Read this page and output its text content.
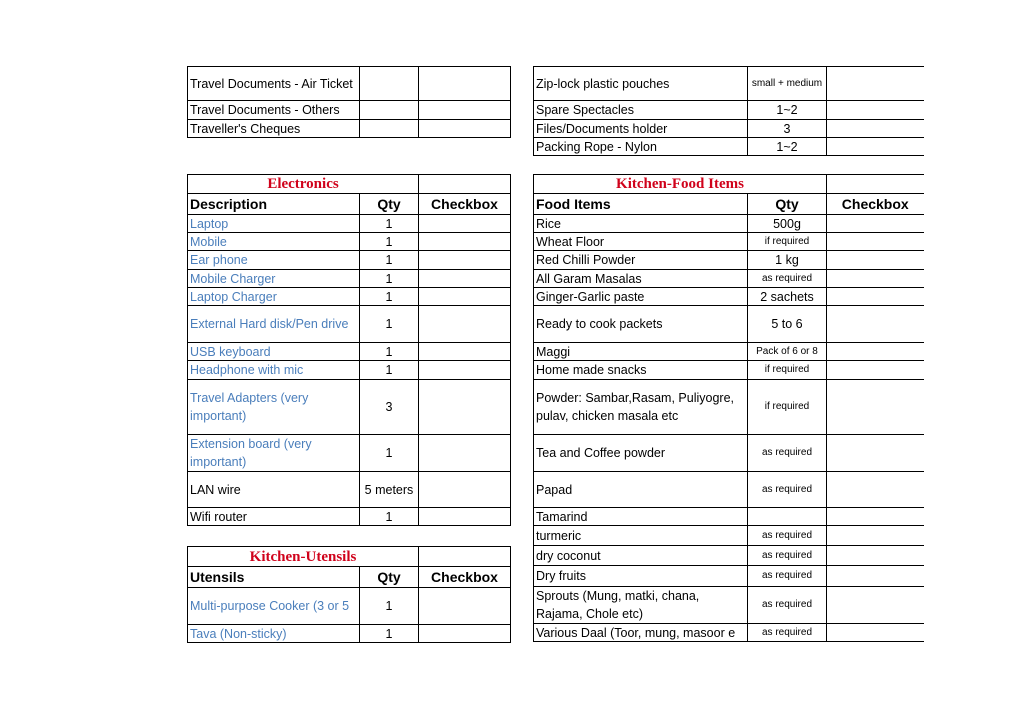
Travel Documents - Air Ticket		
Travel Documents - Others		
Traveller's Cheques		
Zip-lock plastic pouches	small + medium	
Spare Spectacles	1~2	
Files/Documents holder	3	
Packing Rope - Nylon	1~2	
Electronics		
Description	Qty	Checkbox
Laptop	1	
Mobile	1	
Ear phone	1	
Mobile Charger	1	
Laptop Charger	1	
External Hard disk/Pen drive	1	
USB keyboard	1	
Headphone with mic	1	
Travel Adapters (very important)	3	
Extension board (very important)	1	
LAN wire	5 meters	
Wifi router	1	
Kitchen-Utensils		
Utensils	Qty	Checkbox
Multi-purpose Cooker (3 or 5	1	
Tava (Non-sticky)	1	
Kitchen-Food Items		
Food Items	Qty	Checkbox
Rice	500g	
Wheat Floor	if required	
Red Chilli Powder	1 kg	
All Garam Masalas	as required	
Ginger-Garlic paste	2 sachets	
Ready to cook packets	5 to 6	
Maggi	Pack of 6 or 8	
Home made snacks	if required	
Powder: Sambar,Rasam, Puliyogre, pulav, chicken masala etc	if required	
Tea and Coffee powder	as required	
Papad	as required	
Tamarind		
turmeric	as required	
dry coconut	as required	
Dry fruits	as required	
Sprouts (Mung, matki, chana, Rajama, Chole etc)	as required	
Various Daal (Toor, mung, masoor e	as required	
